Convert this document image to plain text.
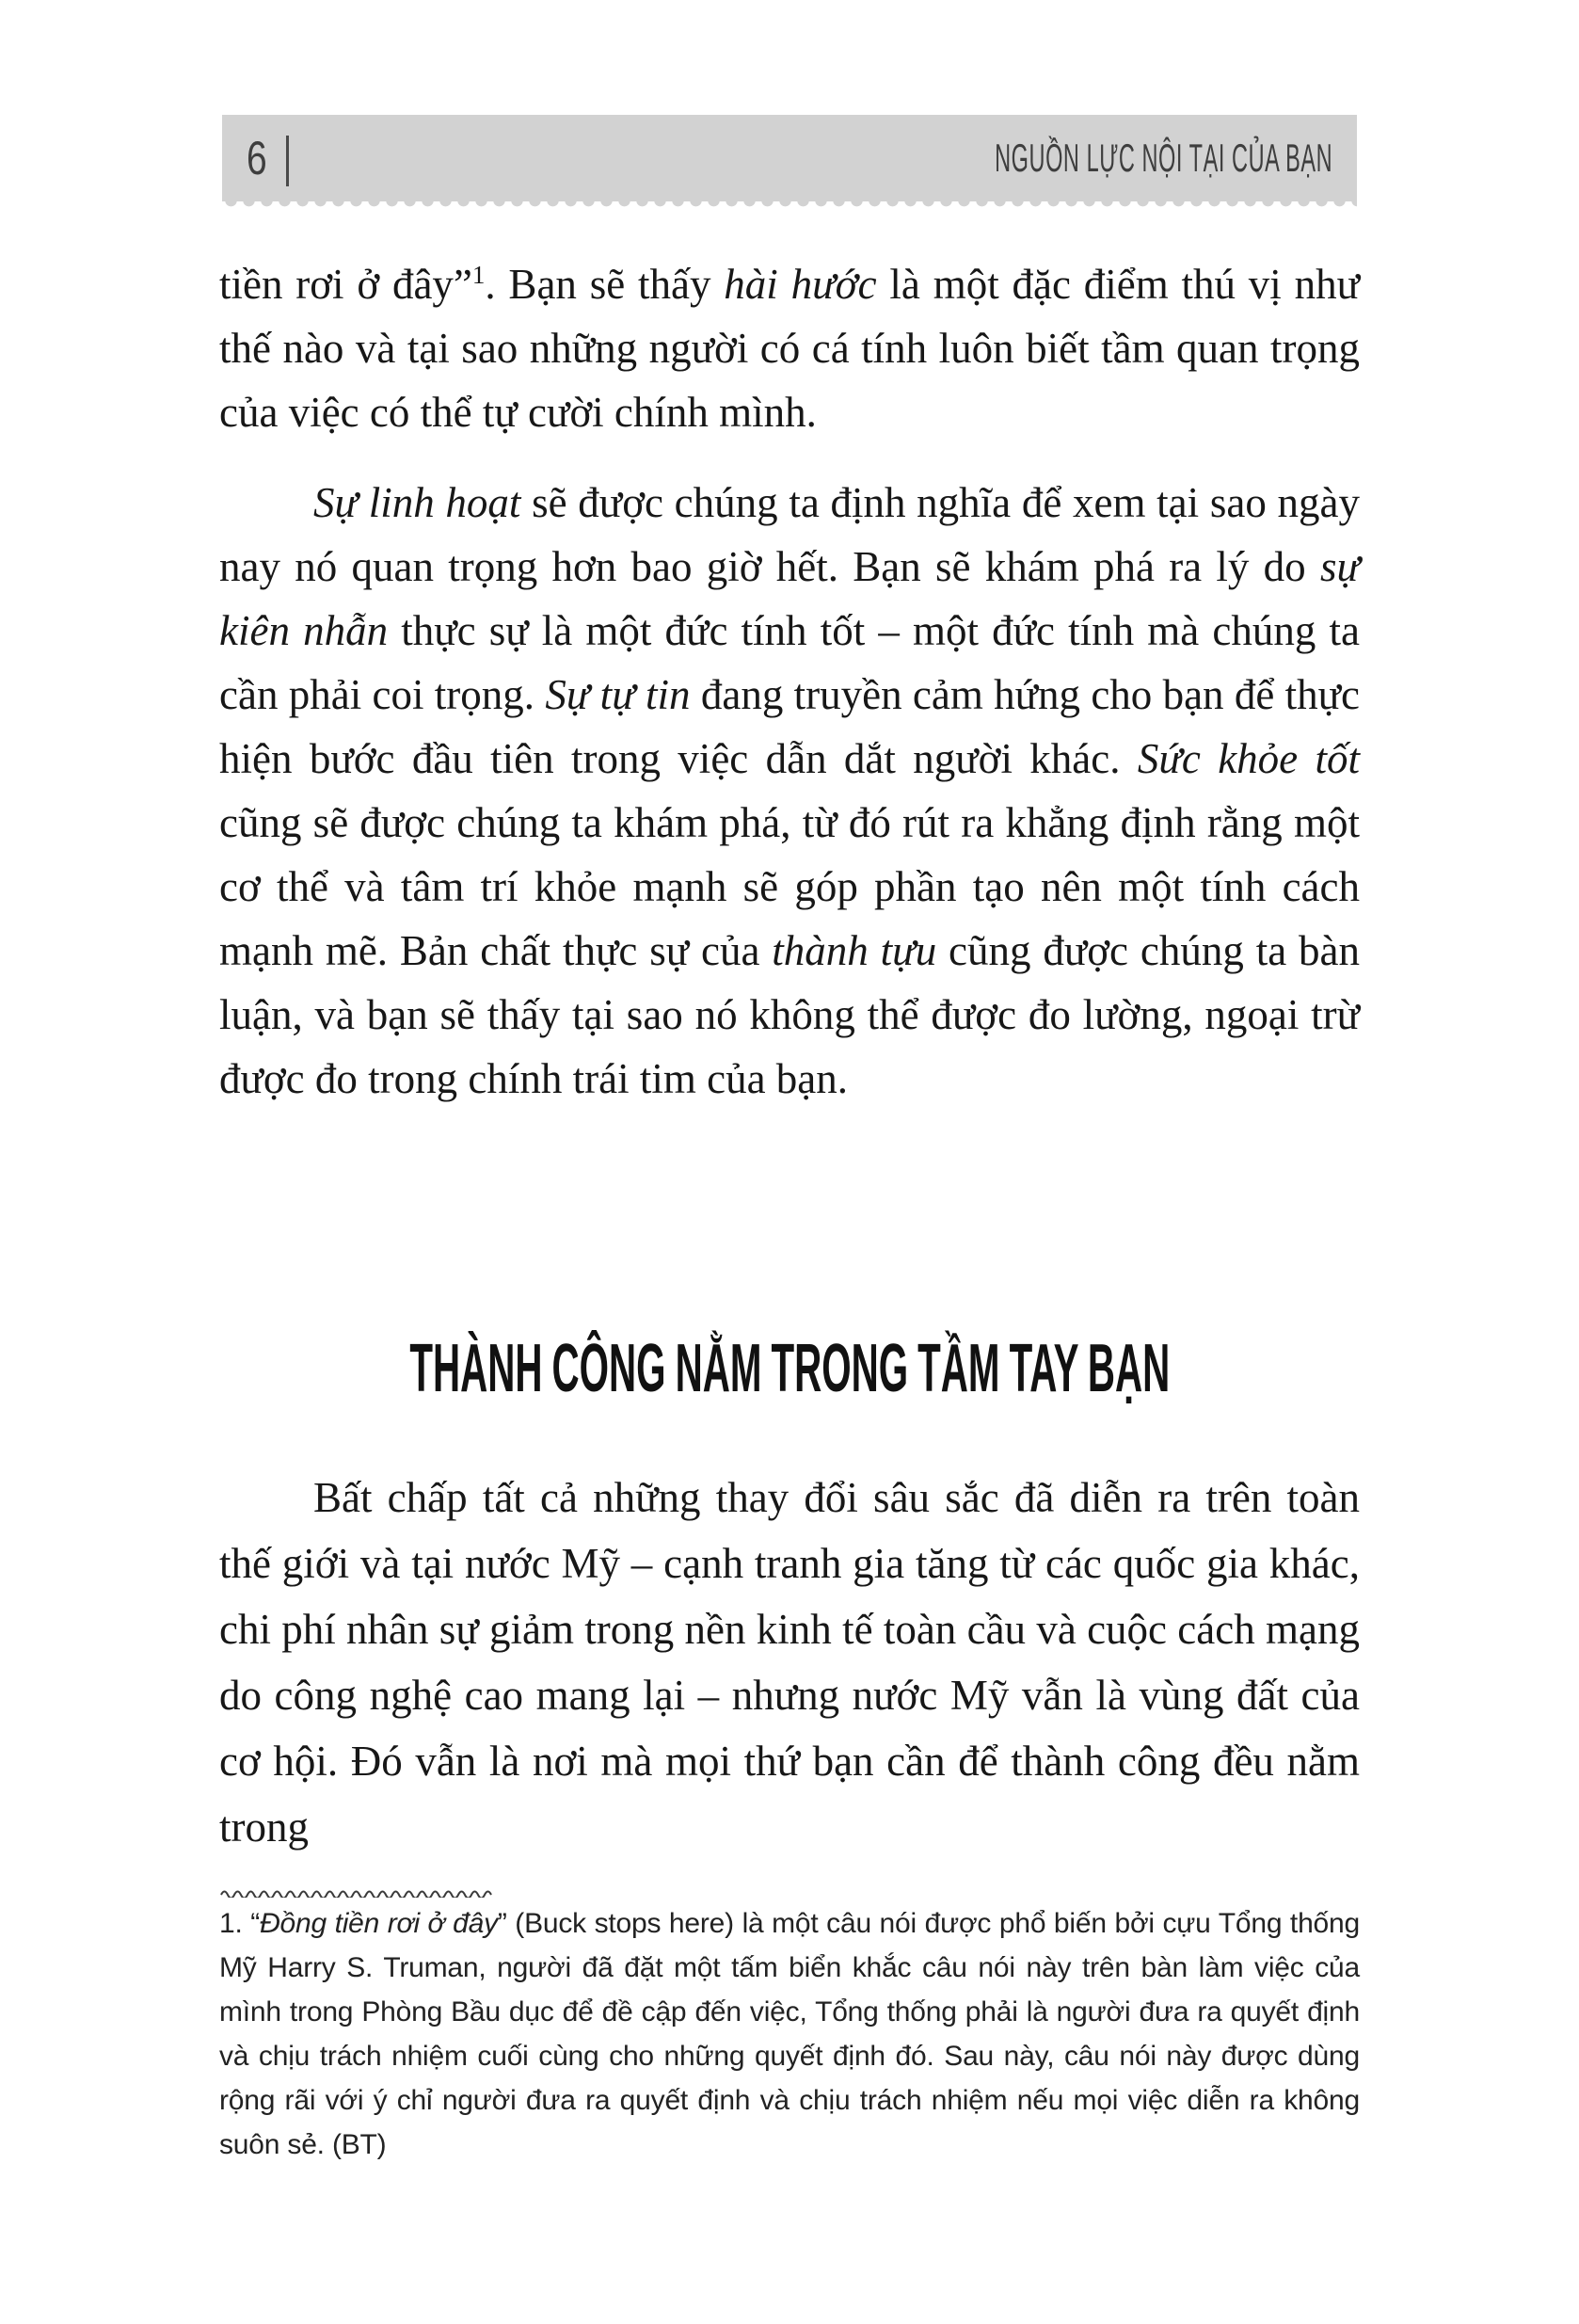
6	NGUỒN LỰC NỘI TẠI CỦA BẠN

tiền rơi ở đây”$^1$. Bạn sẽ thấy hài hước là một đặc điểm thú vị như thế nào và tại sao những người có cá tính luôn biết tầm quan trọng của việc có thể tự cười chính mình.

Sự linh hoạt sẽ được chúng ta định nghĩa để xem tại sao ngày nay nó quan trọng hơn bao giờ hết. Bạn sẽ khám phá ra lý do sự kiên nhẫn thực sự là một đức tính tốt – một đức tính mà chúng ta cần phải coi trọng. Sự tự tin đang truyền cảm hứng cho bạn để thực hiện bước đầu tiên trong việc dẫn dắt người khác. Sức khỏe tốt cũng sẽ được chúng ta khám phá, từ đó rút ra khẳng định rằng một cơ thể và tâm trí khỏe mạnh sẽ góp phần tạo nên một tính cách mạnh mẽ. Bản chất thực sự của thành tựu cũng được chúng ta bàn luận, và bạn sẽ thấy tại sao nó không thể được đo lường, ngoại trừ được đo trong chính trái tim của bạn.

THÀNH CÔNG NẰM TRONG TẦM TAY BẠN

Bất chấp tất cả những thay đổi sâu sắc đã diễn ra trên toàn thế giới và tại nước Mỹ – cạnh tranh gia tăng từ các quốc gia khác, chi phí nhân sự giảm trong nền kinh tế toàn cầu và cuộc cách mạng do công nghệ cao mang lại – nhưng nước Mỹ vẫn là vùng đất của cơ hội. Đó vẫn là nơi mà mọi thứ bạn cần để thành công đều nằm trong

1. “Đồng tiền rơi ở đây” (Buck stops here) là một câu nói được phổ biến bởi cựu Tổng thống Mỹ Harry S. Truman, người đã đặt một tấm biển khắc câu nói này trên bàn làm việc của mình trong Phòng Bầu dục để đề cập đến việc, Tổng thống phải là người đưa ra quyết định và chịu trách nhiệm cuối cùng cho những quyết định đó. Sau này, câu nói này được dùng rộng rãi với ý chỉ người đưa ra quyết định và chịu trách nhiệm nếu mọi việc diễn ra không suôn sẻ. (BT)
